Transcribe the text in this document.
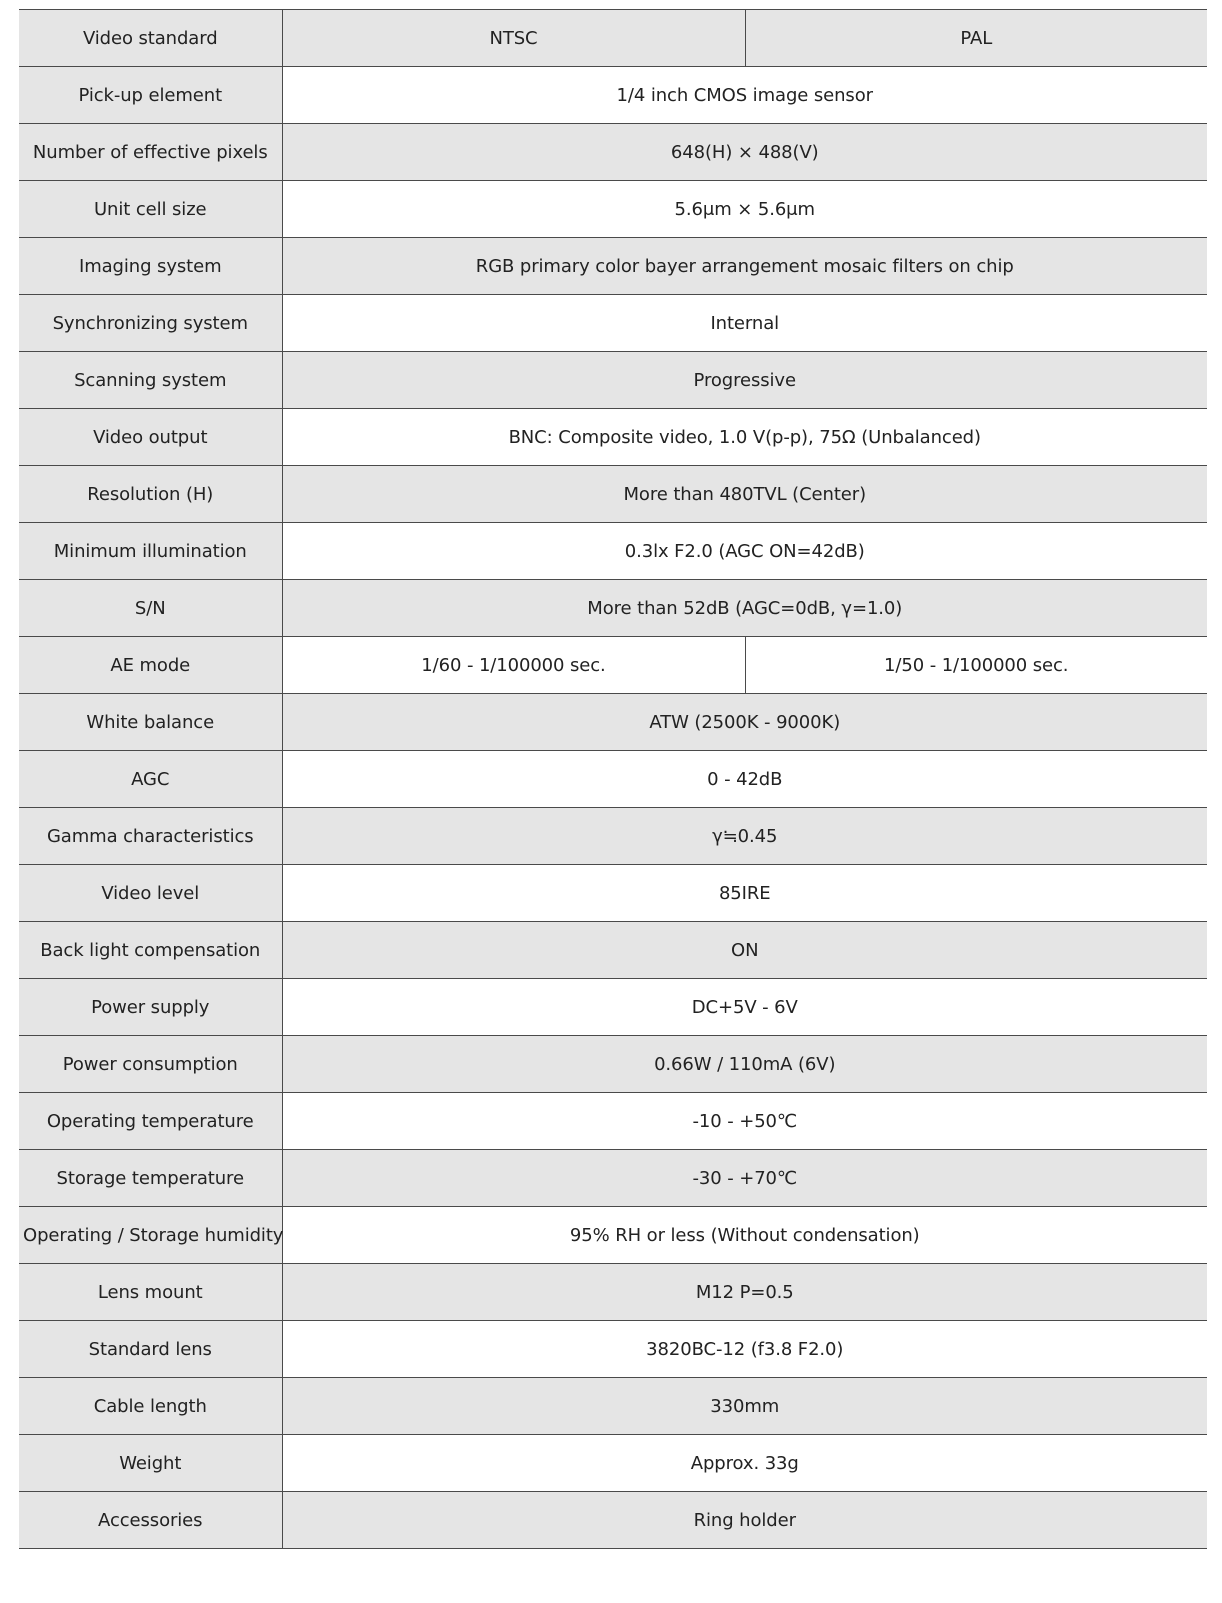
Video standard	NTSC	PAL
Pick-up element	1/4 inch CMOS image sensor	
Number of effective pixels	648(H) × 488(V)	
Unit cell size	5.6μm × 5.6μm	
Imaging system	RGB primary color bayer arrangement mosaic filters on chip	
Synchronizing system	Internal	
Scanning system	Progressive	
Video output	BNC: Composite video, 1.0 V(p-p), 75Ω (Unbalanced)	
Resolution (H)	More than 480TVL (Center)	
Minimum illumination	0.3lx F2.0 (AGC ON=42dB)	
S/N	More than 52dB (AGC=0dB, γ=1.0)	
AE mode	1/60 - 1/100000 sec.	1/50 - 1/100000 sec.
White balance	ATW (2500K - 9000K)	
AGC	0 - 42dB	
Gamma characteristics	γ≒0.45	
Video level	85IRE	
Back light compensation	ON	
Power supply	DC+5V - 6V	
Power consumption	0.66W / 110mA (6V)	
Operating temperature	-10 - +50℃	
Storage temperature	-30 - +70℃	
Operating / Storage humidity	95% RH or less (Without condensation)	
Lens mount	M12 P=0.5	
Standard lens	3820BC-12 (f3.8 F2.0)	
Cable length	330mm	
Weight	Approx. 33g	
Accessories	Ring holder	
